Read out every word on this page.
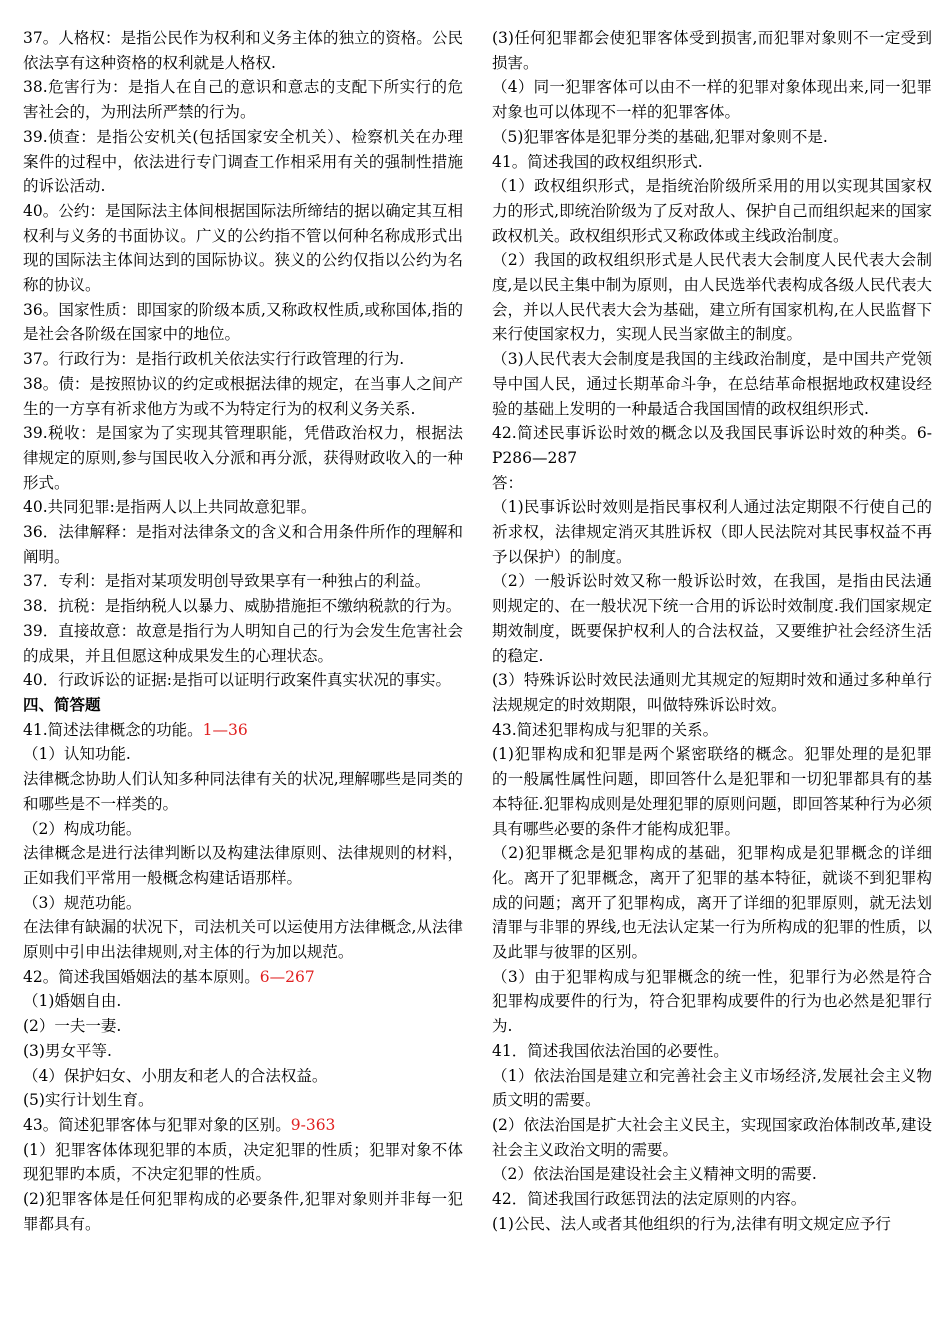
37。人格权：是指公民作为权利和义务主体的独立的资格。公民依法享有这种资格的权利就是人格权.

38.危害行为：是指人在自己的意识和意志的支配下所实行的危害社会的，为刑法所严禁的行为。

39.侦查：是指公安机关(包括国家安全机关）、检察机关在办理案件的过程中，依法进行专门调查工作相采用有关的强制性措施的诉讼活动.

40。公约：是国际法主体间根据国际法所缔结的据以确定其互相权利与义务的书面协议。广义的公约指不管以何种名称成形式出现的国际法主体间达到的国际协议。狭义的公约仅指以公约为名称的协议。

36。国家性质：即国家的阶级本质,又称政权性质,或称国体,指的是社会各阶级在国家中的地位。

37。行政行为：是指行政机关依法实行行政管理的行为.

38。债：是按照协议的约定或根据法律的规定，在当事人之间产生的一方享有祈求他方为或不为特定行为的权利义务关系.

39.税收：是国家为了实现其管理职能，凭借政治权力，根据法律规定的原则,参与国民收入分派和再分派，获得财政收入的一种形式。

40.共同犯罪:是指两人以上共同故意犯罪。

36．法律解释：是指对法律条文的含义和合用条件所作的理解和阐明。

37．专利：是指对某项发明创导致果享有一种独占的利益。

38．抗税：是指纳税人以暴力、威胁措施拒不缴纳税款的行为。

39．直接故意：故意是指行为人明知自己的行为会发生危害社会的成果，并且但愿这种成果发生的心理状态。

40．行政诉讼的证据:是指可以证明行政案件真实状况的事实。

四、简答题

41.简述法律概念的功能。1—36

（1）认知功能.

法律概念协助人们认知多种同法律有关的状况,理解哪些是同类的和哪些是不一样类的。

（2）构成功能。

法律概念是进行法律判断以及构建法律原则、法律规则的材料，正如我们平常用一般概念构建话语那样。

（3）规范功能。

在法律有缺漏的状况下，司法机关可以运使用方法律概念,从法律原则中引申出法律规则,对主体的行为加以规范。

42。简述我国婚姻法的基本原则。6—267

（1)婚姻自由.

(2）一夫一妻.

(3)男女平等.

（4）保护妇女、小朋友和老人的合法权益。

(5)实行计划生育。

43。简述犯罪客体与犯罪对象的区别。9-363

(1）犯罪客体体现犯罪的本质，决定犯罪的性质；犯罪对象不体现犯罪旳本质，不决定犯罪的性质。

(2)犯罪客体是任何犯罪构成的必要条件,犯罪对象则并非每一犯罪都具有。

(3)任何犯罪都会使犯罪客体受到损害,而犯罪对象则不一定受到损害。

（4）同一犯罪客体可以由不一样的犯罪对象体现出来,同一犯罪对象也可以体现不一样的犯罪客体。

（5)犯罪客体是犯罪分类的基础,犯罪对象则不是.

41。简述我国的政权组织形式.

（1）政权组织形式，是指统治阶级所采用的用以实现其国家权力的形式,即统治阶级为了反对敌人、保护自己而组织起来的国家政权机关。政权组织形式又称政体或主线政治制度。

（2）我国的政权组织形式是人民代表大会制度人民代表大会制度,是以民主集中制为原则，由人民选举代表构成各级人民代表大会，并以人民代表大会为基础，建立所有国家机构,在人民监督下来行使国家权力，实现人民当家做主的制度。

（3)人民代表大会制度是我国的主线政治制度，是中国共产党领导中国人民，通过长期革命斗争，在总结革命根据地政权建设经验的基础上发明的一种最适合我国国情的政权组织形式.

42.简述民事诉讼时效的概念以及我国民事诉讼时效的种类。6-P286—287

答：

（1)民事诉讼时效则是指民事权利人通过法定期限不行使自己的祈求权，法律规定消灭其胜诉权（即人民法院对其民事权益不再予以保护）的制度。

（2）一般诉讼时效又称一般诉讼时效，在我国，是指由民法通则规定的、在一般状况下统一合用的诉讼时效制度.我们国家规定期效制度，既要保护权利人的合法权益，又要维护社会经济生活的稳定.

(3）特殊诉讼时效民法通则尤其规定的短期时效和通过多种单行法规规定的时效期限，叫做特殊诉讼时效。

43.简述犯罪构成与犯罪的关系。

(1)犯罪构成和犯罪是两个紧密联络的概念。犯罪处理的是犯罪的一般属性属性问题，即回答什么是犯罪和一切犯罪都具有的基本特征.犯罪构成则是处理犯罪的原则问题，即回答某种行为必须具有哪些必要的条件才能构成犯罪。

（2)犯罪概念是犯罪构成的基础，犯罪构成是犯罪概念的详细化。离开了犯罪概念，离开了犯罪的基本特征，就谈不到犯罪构成的问题；离开了犯罪构成，离开了详细的犯罪原则，就无法划清罪与非罪的界线,也无法认定某一行为所构成的犯罪的性质，以及此罪与彼罪的区别。

（3）由于犯罪构成与犯罪概念的统一性，犯罪行为必然是符合犯罪构成要件的行为，符合犯罪构成要件的行为也必然是犯罪行为.

41．简述我国依法治国的必要性。

（1）依法治国是建立和完善社会主义市场经济,发展社会主义物质文明的需要。

(2）依法治国是扩大社会主义民主，实现国家政治体制改革,建设社会主义政治文明的需要。

（2）依法治国是建设社会主义精神文明的需要.

42．简述我国行政惩罚法的法定原则的内容。

(1)公民、法人或者其他组织的行为,法律有明文规定应予行
